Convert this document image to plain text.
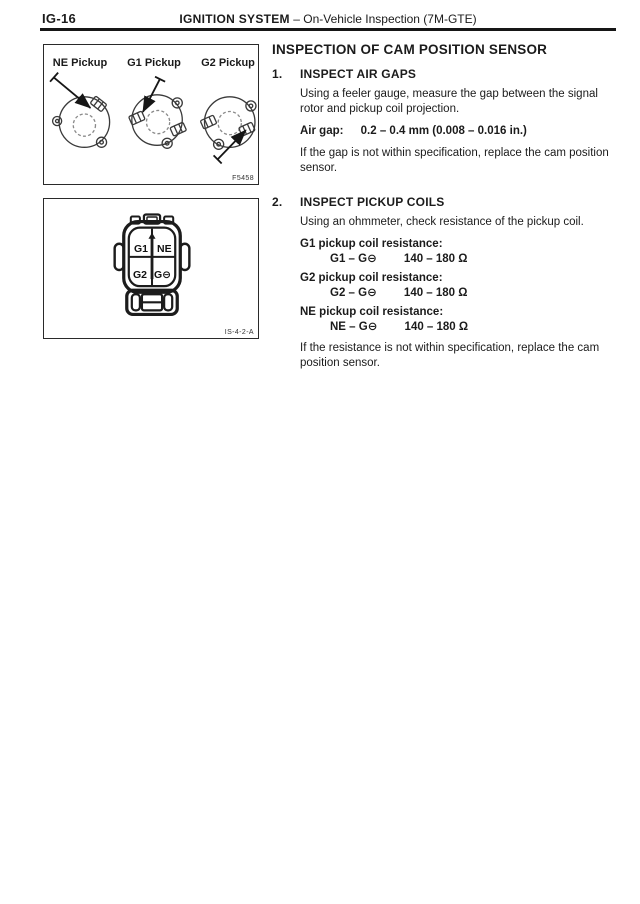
IG-16	IGNITION SYSTEM – On-Vehicle Inspection (7M-GTE)
NE Pickup G1 Pickup G2 Pickup
F5458
G1 NE
G2 G⊖
IS-4-2-A
INSPECTION OF CAM POSITION SENSOR
1.	INSPECT AIR GAPS

Using a feeler gauge, measure the gap between the signal rotor and pickup coil projection.

Air gap: 0.2 – 0.4 mm (0.008 – 0.016 in.)

If the gap is not within specification, replace the cam position sensor.

2.	INSPECT PICKUP COILS

Using an ohmmeter, check resistance of the pickup coil.

G1 pickup coil resistance:
G1 – G⊖ 140 – 180 Ω
G2 pickup coil resistance:
G2 – G⊖ 140 – 180 Ω
NE pickup coil resistance:
NE – G⊖ 140 – 180 Ω

If the resistance is not within specification, replace the cam position sensor.
